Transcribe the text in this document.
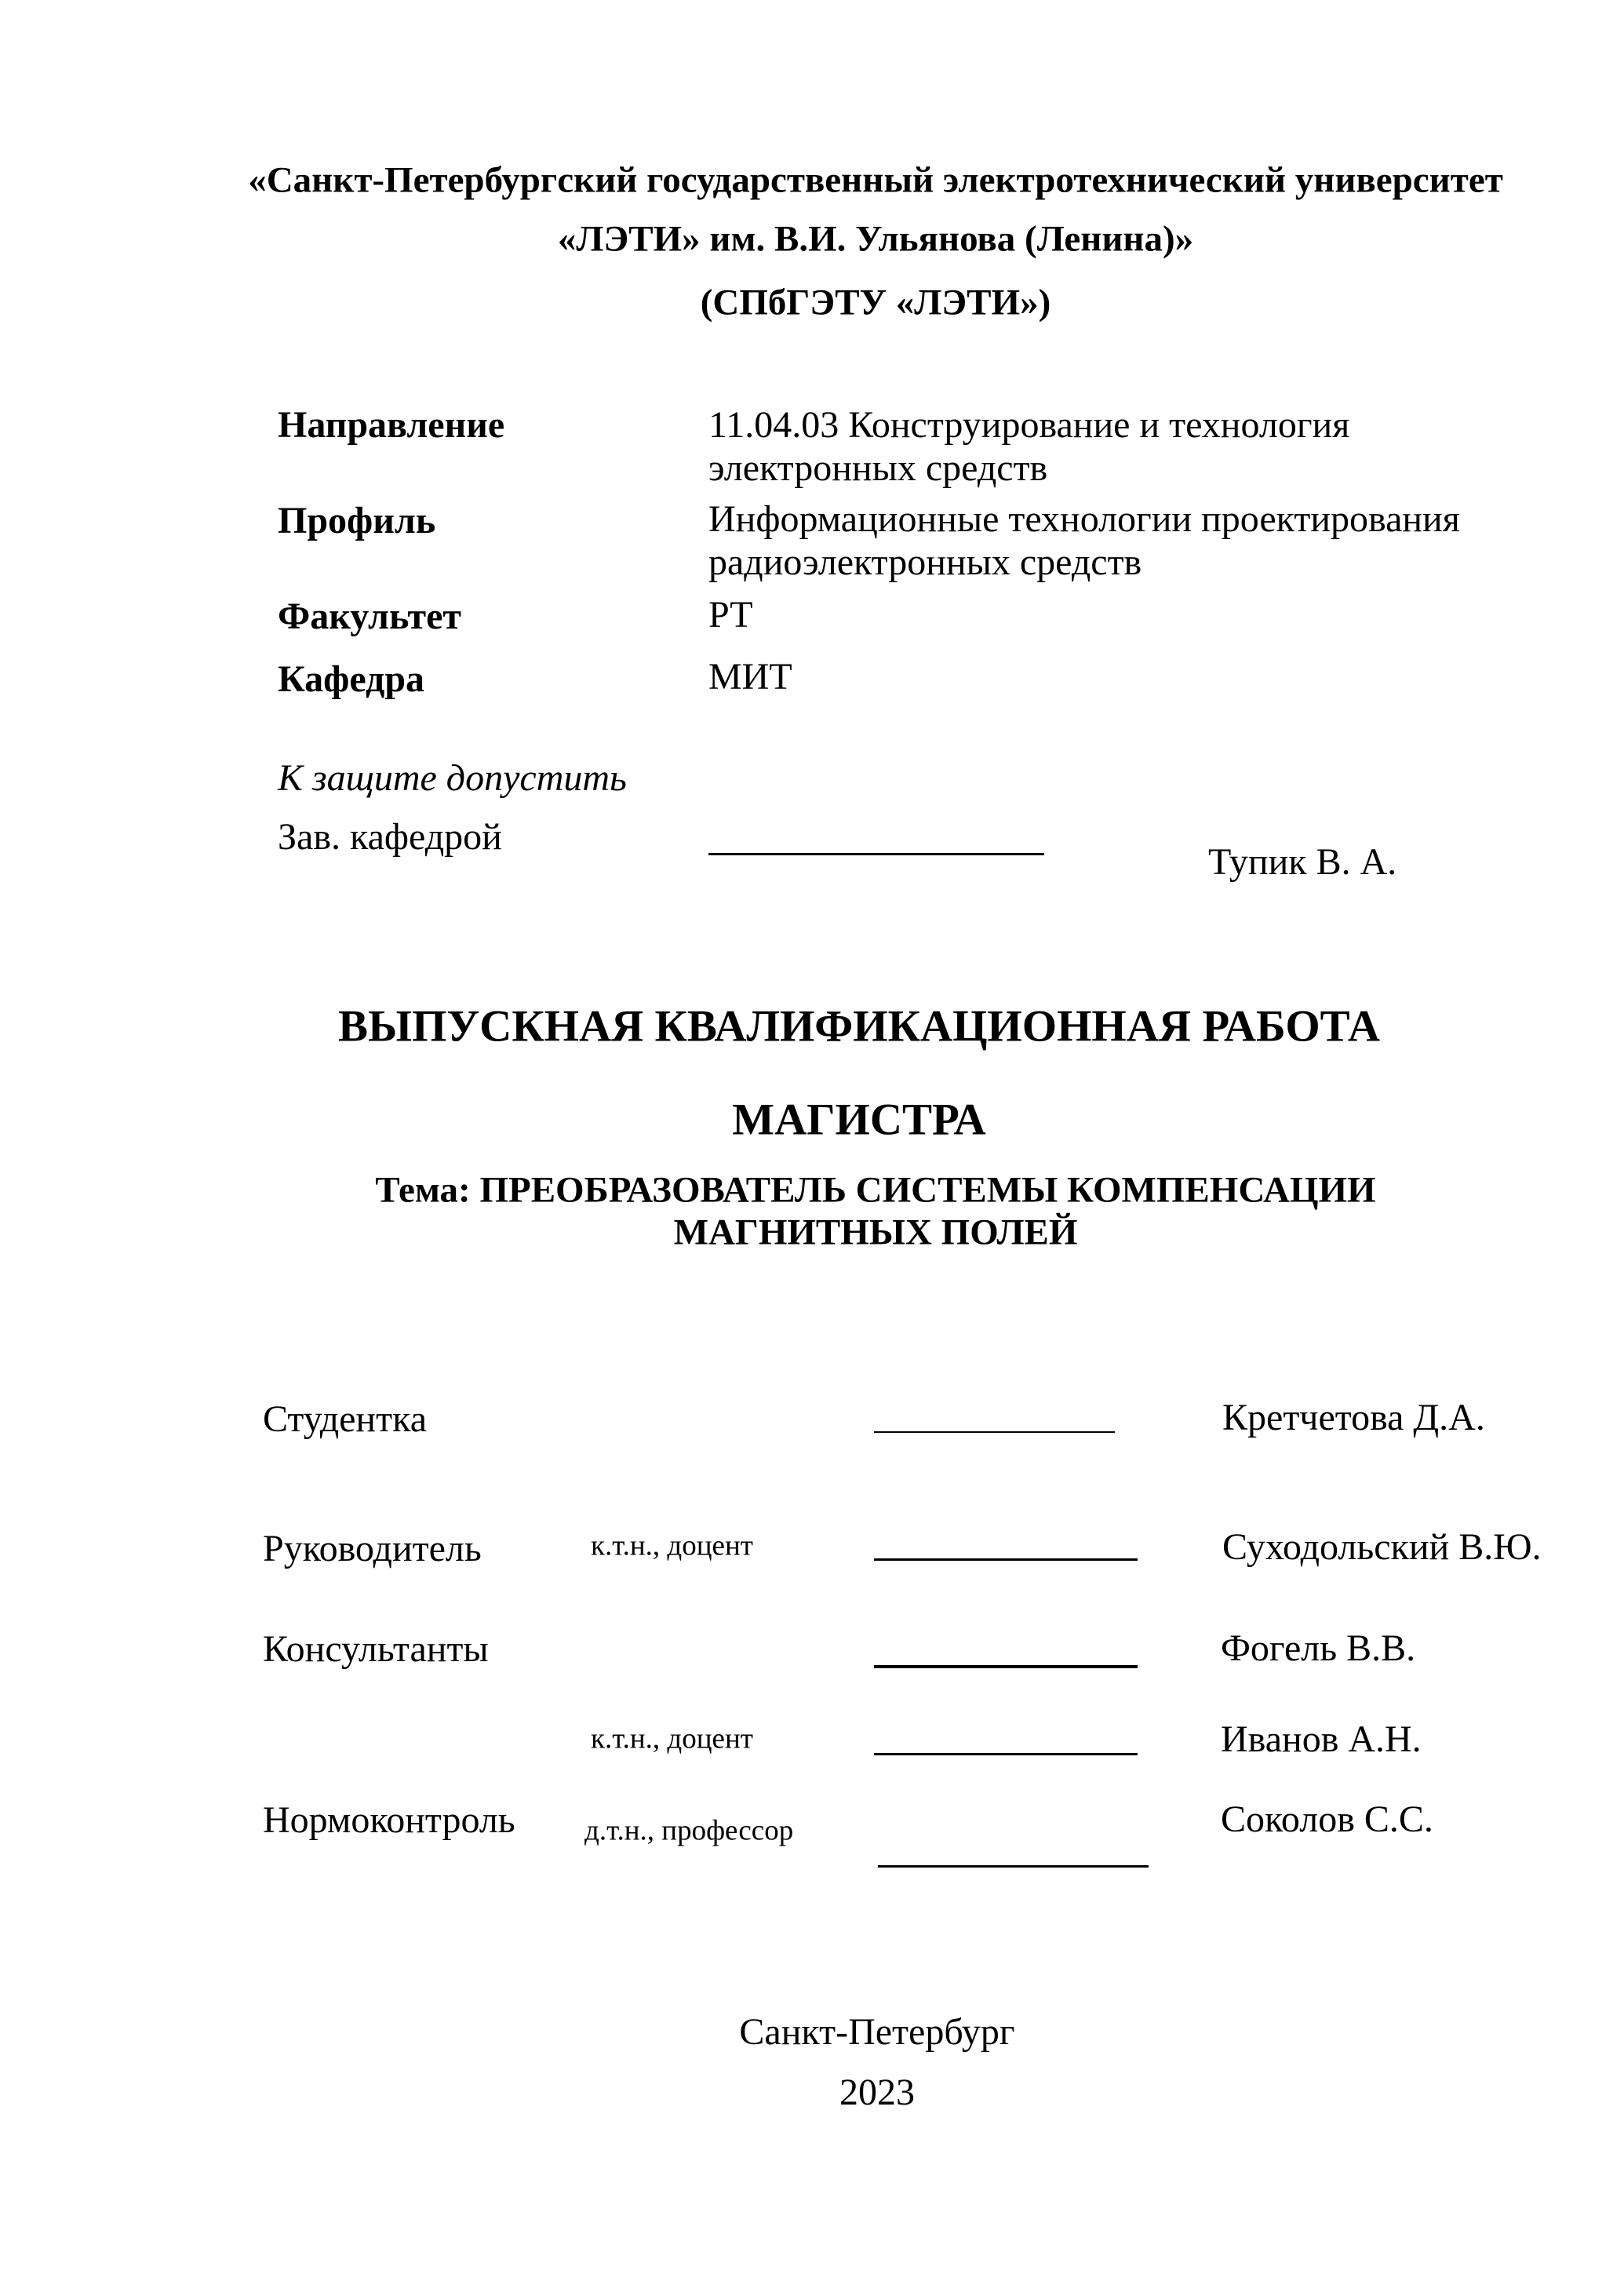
«Санкт-Петербургский государственный электротехнический университет
«ЛЭТИ» им. В.И. Ульянова (Ленина)»
(СПбГЭТУ «ЛЭТИ»)
Направление	11.04.03 Конструирование и технология
электронных средств
Профиль	Информационные технологии проектирования
радиоэлектронных средств
Факультет	РТ
Кафедра	МИТ
К защите допустить
Зав. кафедрой
Тупик В. А.
ВЫПУСКНАЯ КВАЛИФИКАЦИОННАЯ РАБОТА
МАГИСТРА
Тема: ПРЕОБРАЗОВАТЕЛЬ СИСТЕМЫ КОМПЕНСАЦИИ
МАГНИТНЫХ ПОЛЕЙ
Студентка	Кретчетова Д.А.
Руководитель	к.т.н., доцент	Суходольский В.Ю.
Консультанты	Фогель В.В.
к.т.н., доцент	Иванов А.Н.
Нормоконтроль д.т.н., профессор	Соколов С.С.
Санкт-Петербург
2023
